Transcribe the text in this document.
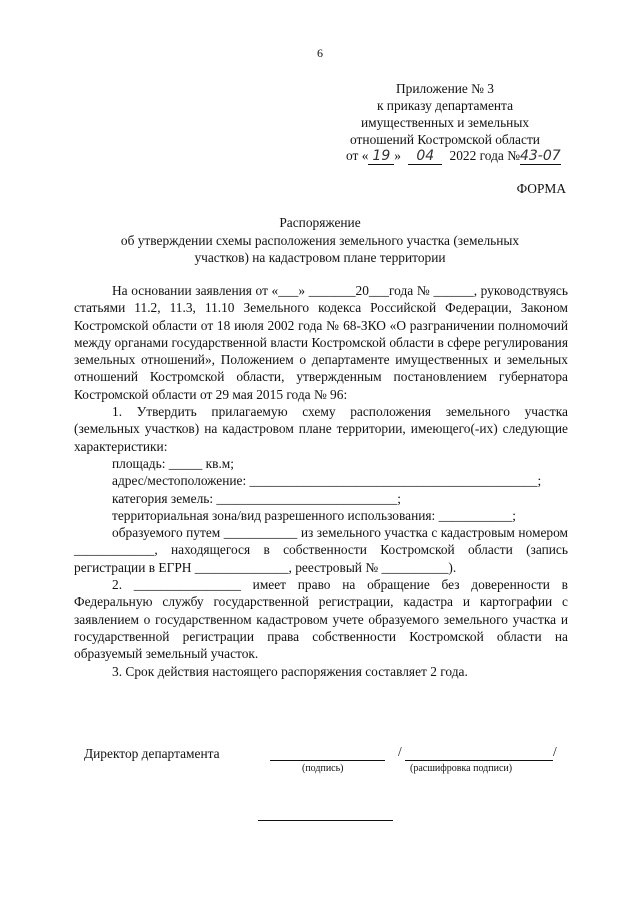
6
Приложение № 3
к приказу департамента
имущественных и земельных
отношений Костромской области
от « 19 » 04 2022 года №43-07
ФОРМА
Распоряжение
об утверждении схемы расположения земельного участка (земельных
участков) на кадастровом плане территории

На основании заявления от «___» _______20___года № ______, руководствуясь статьями 11.2, 11.3, 11.10 Земельного кодекса Российской Федерации, Законом Костромской области от 18 июля 2002 года № 68-ЗКО «О разграничении полномочий между органами государственной власти Костромской области в сфере регулирования земельных отношений», Положением о департаменте имущественных и земельных отношений Костромской области, утвержденным постановлением губернатора Костромской области от 29 мая 2015 года № 96:

1. Утвердить прилагаемую схему расположения земельного участка (земельных участков) на кадастровом плане территории, имеющего(-их) следующие характеристики:

площадь: _____ кв.м;

адрес/местоположение: ___________________________________________;

категория земель: ___________________________;

территориальная зона/вид разрешенного использования: ___________;

образуемого путем ___________ из земельного участка с кадастровым номером ____________, находящегося в собственности Костромской области (запись регистрации в ЕГРН ______________, реестровый № __________).

2. ________________ имеет право на обращение без доверенности в Федеральную службу государственной регистрации, кадастра и картографии с заявлением о государственном кадастровом учете образуемого земельного участка и государственной регистрации права собственности Костромской области на образуемый земельный участок.

3. Срок действия настоящего распоряжения составляет 2 года.

Директор департамента	/	/
(подпись)	(расшифровка подписи)
